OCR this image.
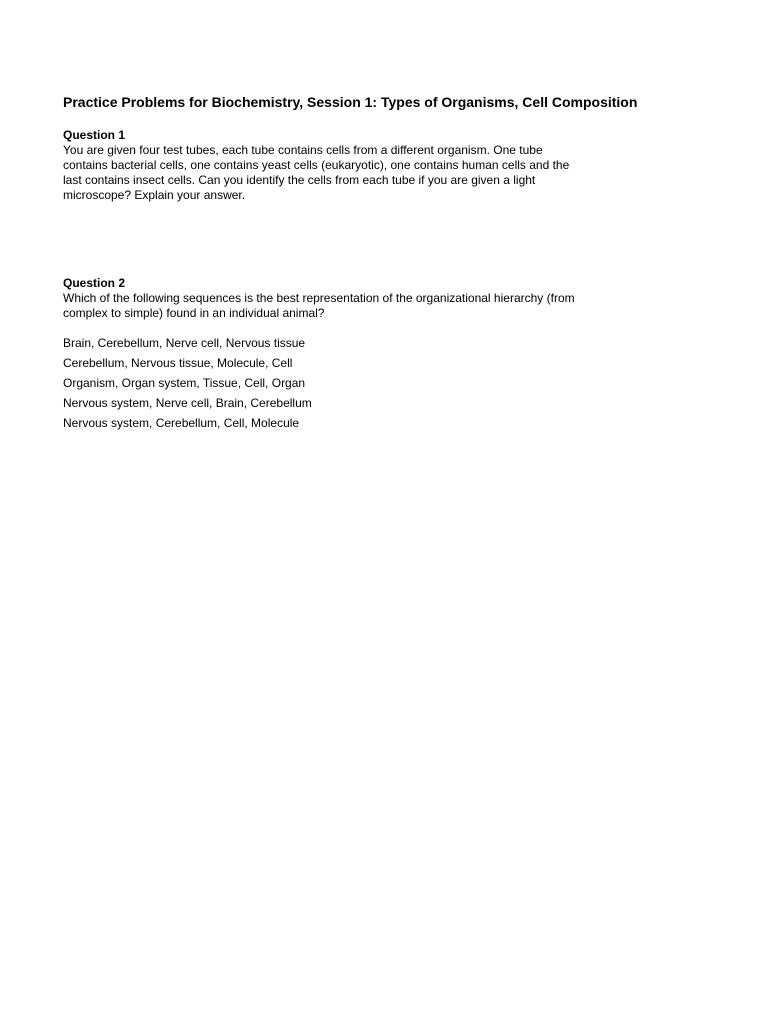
Practice Problems for Biochemistry, Session 1: Types of Organisms, Cell Composition
Question 1
You are given four test tubes, each tube contains cells from a different organism. One tube
contains bacterial cells, one contains yeast cells (eukaryotic), one contains human cells and the
last contains insect cells. Can you identify the cells from each tube if you are given a light
microscope? Explain your answer.
Question 2
Which of the following sequences is the best representation of the organizational hierarchy (from
complex to simple) found in an individual animal?
Brain, Cerebellum, Nerve cell, Nervous tissue
Cerebellum, Nervous tissue, Molecule, Cell
Organism, Organ system, Tissue, Cell, Organ
Nervous system, Nerve cell, Brain, Cerebellum
Nervous system, Cerebellum, Cell, Molecule
